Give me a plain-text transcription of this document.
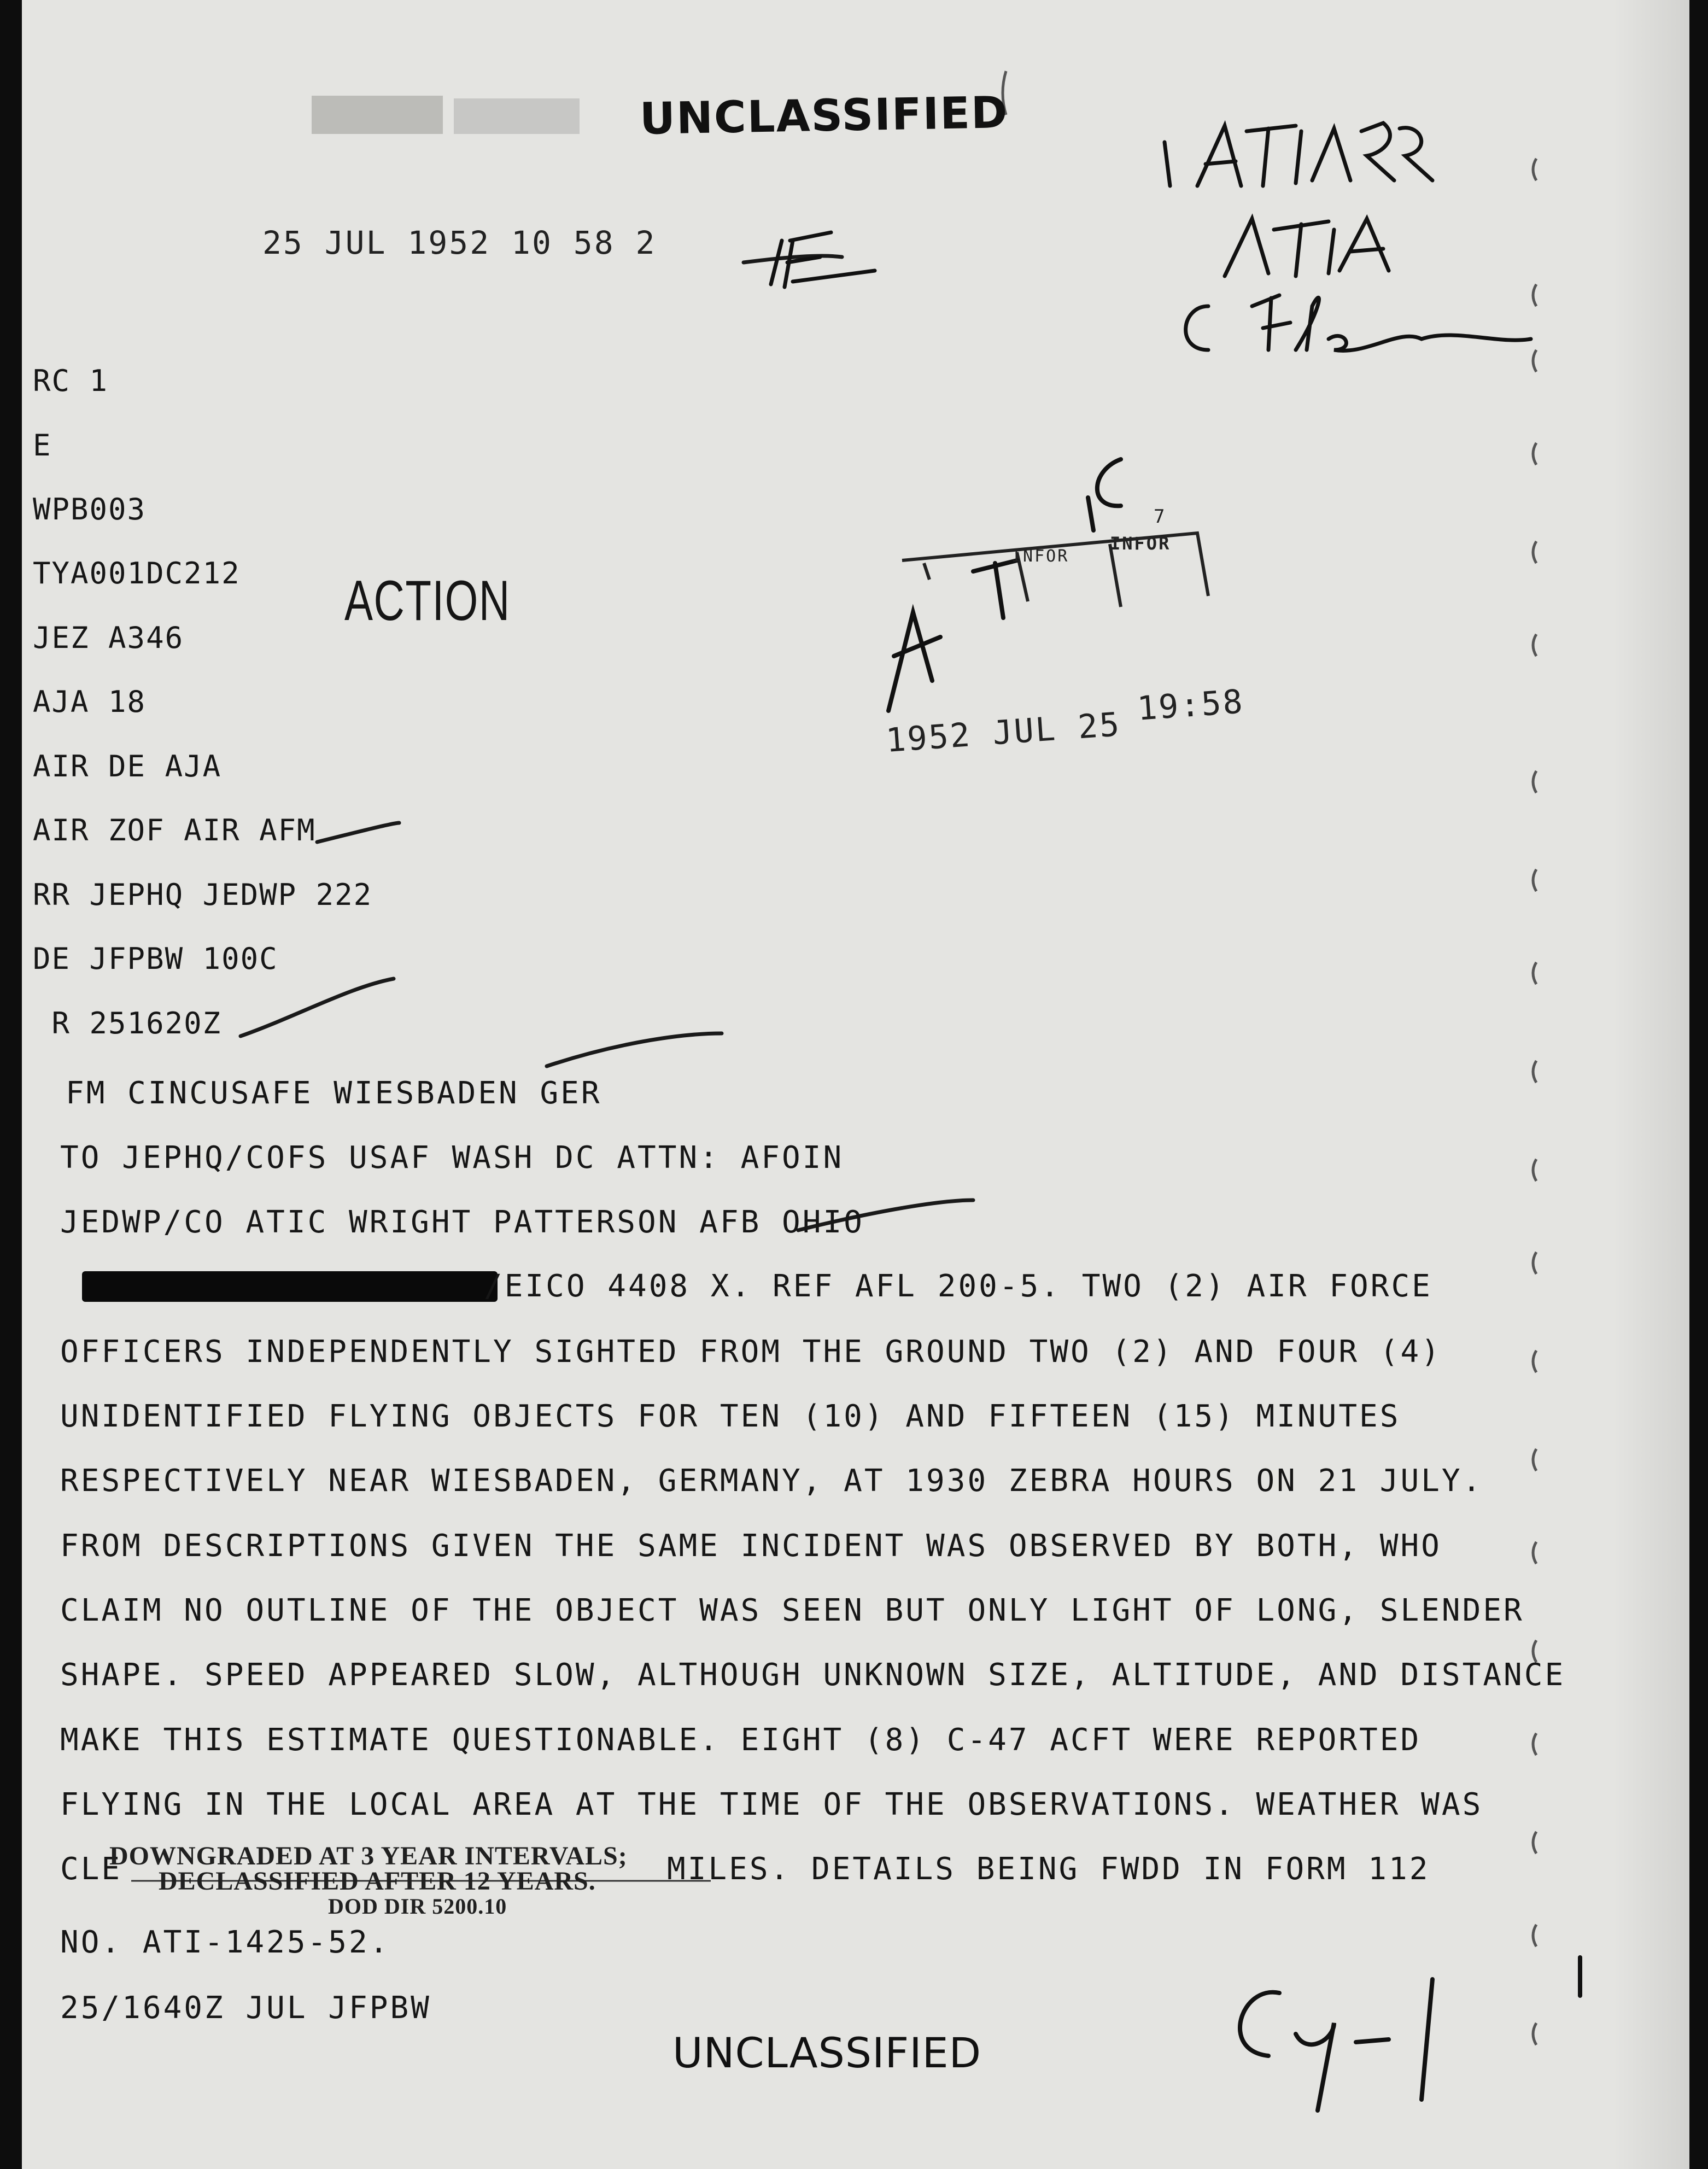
UNCLASSIFIED
25 JUL 1952 10 58 2
RC 1
E
WPB003
TYA001DC212
JEZ A346
AJA 18
AIR DE AJA
AIR ZOF AIR AFM
RR JEPHQ JEDWP 222
DE JFPBW 100C
R 251620Z
ACTION
INFOR
INFOR
7
1952 JUL 25
19:58
FM CINCUSAFE WIESBADEN GER
TO JEPHQ/COFS USAF WASH DC ATTN: AFOIN
JEDWP/CO ATIC WRIGHT PATTERSON AFB OHIO
/EICO 4408 X. REF AFL 200-5. TWO (2) AIR FORCE
OFFICERS INDEPENDENTLY SIGHTED FROM THE GROUND TWO (2) AND FOUR (4)
UNIDENTIFIED FLYING OBJECTS FOR TEN (10) AND FIFTEEN (15) MINUTES
RESPECTIVELY NEAR WIESBADEN, GERMANY, AT 1930 ZEBRA HOURS ON 21 JULY.
FROM DESCRIPTIONS GIVEN THE SAME INCIDENT WAS OBSERVED BY BOTH, WHO
CLAIM NO OUTLINE OF THE OBJECT WAS SEEN BUT ONLY LIGHT OF LONG, SLENDER
SHAPE. SPEED APPEARED SLOW, ALTHOUGH UNKNOWN SIZE, ALTITUDE, AND DISTANCE
MAKE THIS ESTIMATE QUESTIONABLE. EIGHT (8) C-47 ACFT WERE REPORTED
FLYING IN THE LOCAL AREA AT THE TIME OF THE OBSERVATIONS. WEATHER WAS
CLE	MILES. DETAILS BEING FWDD IN FORM 112
DOWNGRADED AT 3 YEAR INTERVALS;
DECLASSIFIED AFTER 12 YEARS.
DOD DIR 5200.10
NO. ATI-1425-52.
25/1640Z JUL JFPBW
UNCLASSIFIED
